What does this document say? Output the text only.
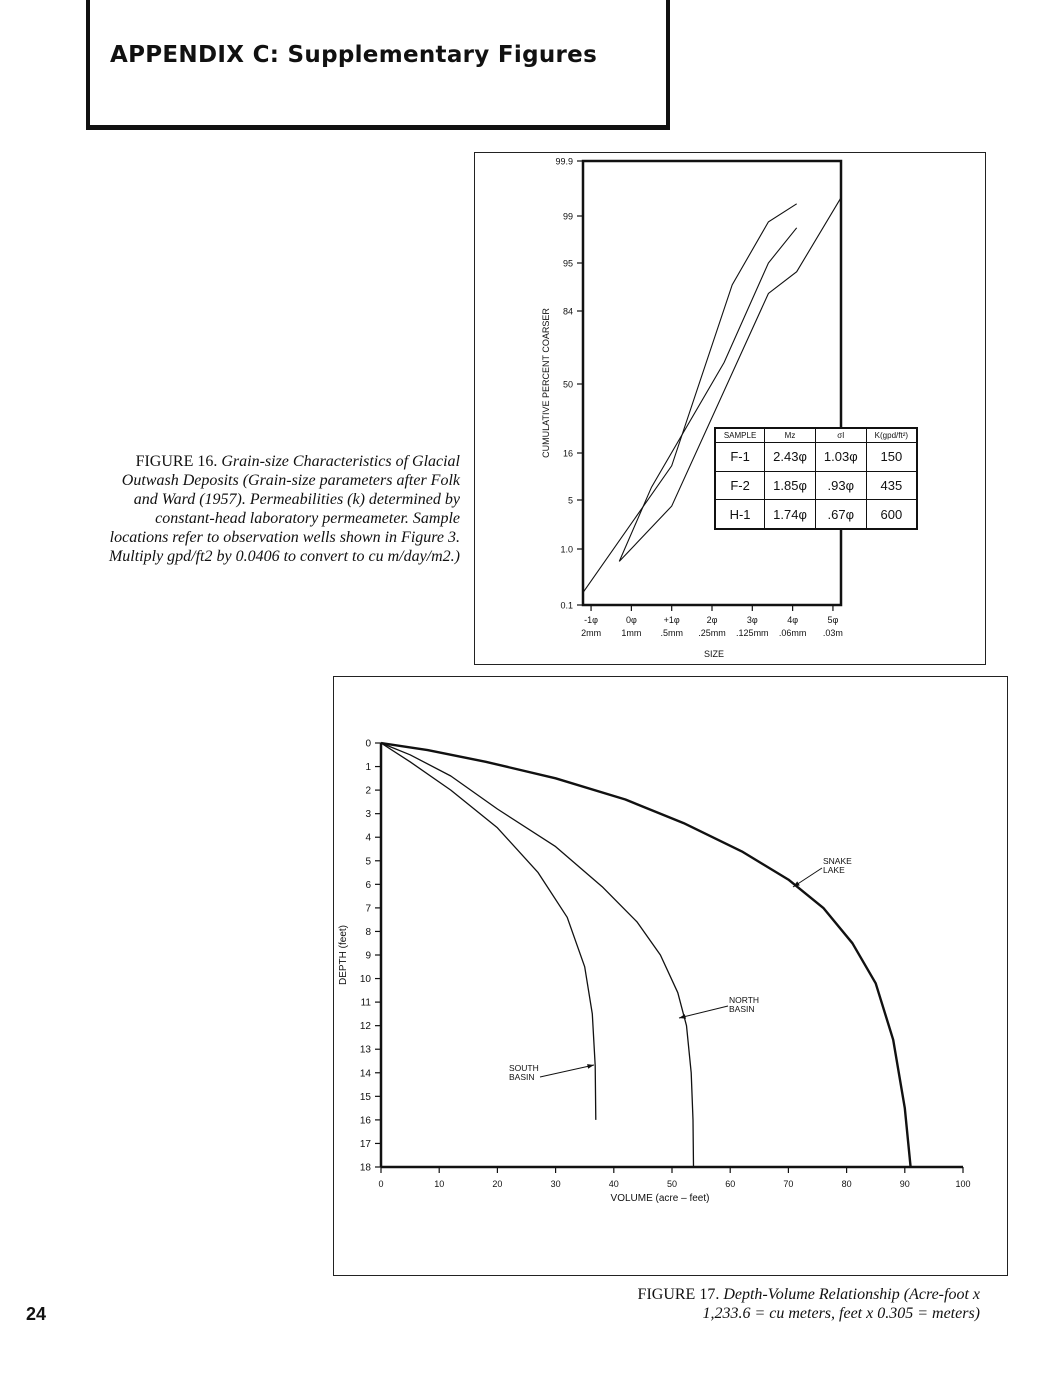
APPENDIX C: Supplementary Figures
0.1
1.0
5
16
50
84
95
99
99.9
-1φ
2mm
0φ
1mm
+1φ
.5mm
2φ
.25mm
3φ
.125mm
4φ
.06mm
5φ
.03m
SIZE
CUMULATIVE PERCENT COARSER
0
1
2
3
4
5
6
7
8
9
10
11
12
13
14
15
16
17
18
0	10	20	30	40	50	60	70	80	90	100
VOLUME (acre – feet)
DEPTH (feet)
SNAKE LAKE
NORTH BASIN
SOUTH BASIN
SAMPLE	Mz	σI	K(gpd/ft²)
F-1	2.43φ	1.03φ	150
F-2	1.85φ	.93φ	435
H-1	1.74φ	.67φ	600
FIGURE 16. Grain-size Characteristics of Glacial Outwash Deposits (Grain-size parameters after Folk and Ward (1957). Permeabilities (k) determined by constant-head laboratory permeameter. Sample locations refer to observation wells shown in Figure 3. Multiply gpd/ft2 by 0.0406 to convert to cu m/day/m2.)
FIGURE 17. Depth-Volume Relationship (Acre-foot x 1,233.6 = cu meters, feet x 0.305 = meters)

24
